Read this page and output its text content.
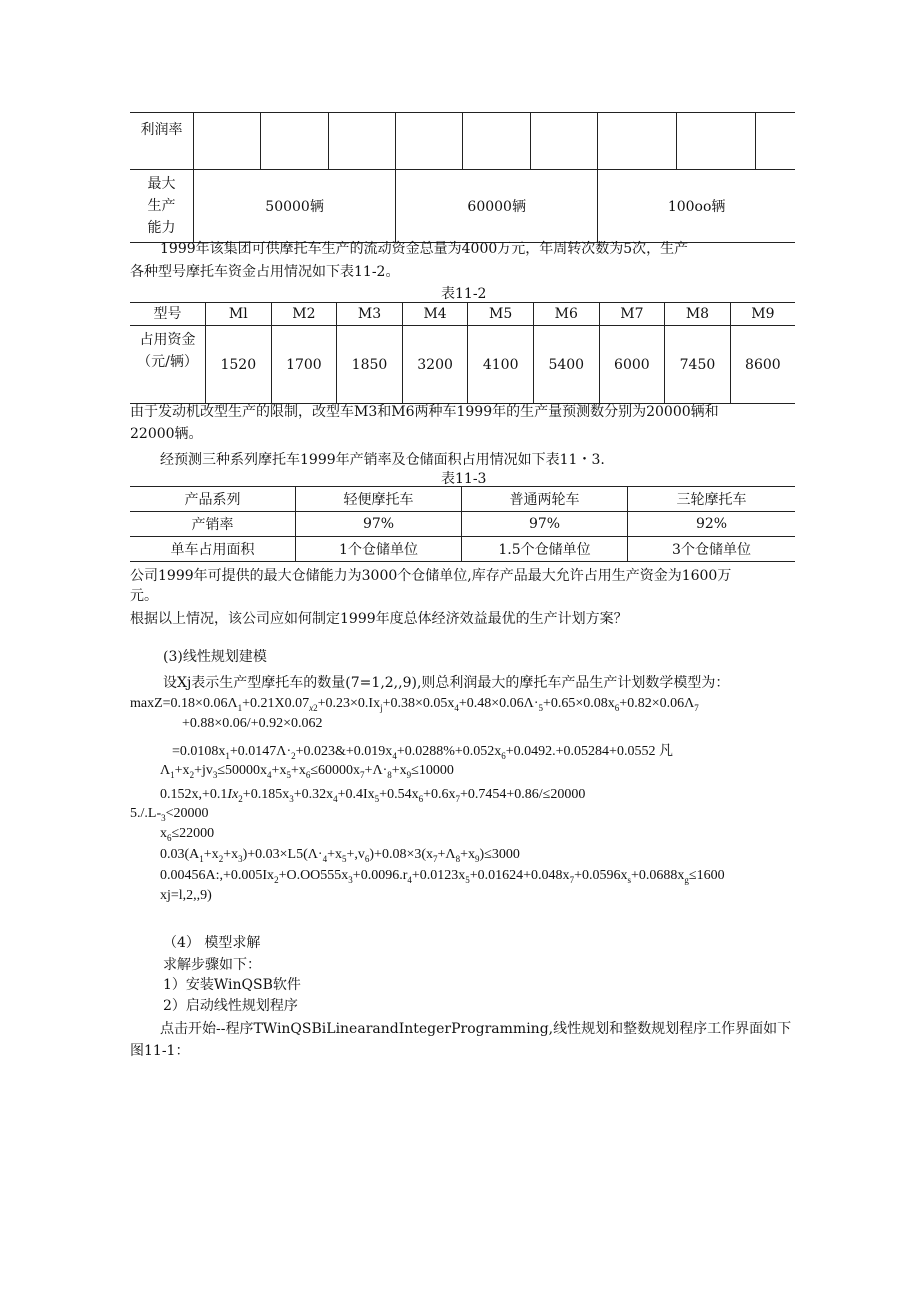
利润率									
最大
生产
能力	50000辆			60000辆			100oo辆		
1999年该集团可供摩托车生产的流动资金总量为4000万元，年周转次数为5次，生产
各种型号摩托车资金占用情况如下表11-2。
表11-2
型号	Ml	M2	M3	M4	M5	M6	M7	M8	M9
占用资金
（元/辆）	1520	1700	1850	3200	4100	5400	6000	7450	8600
由于发动机改型生产的限制，改型车M3和M6两种车1999年的生产量预测数分别为20000辆和
22000辆。
经预测三种系列摩托车1999年产销率及仓储面积占用情况如下表11・3.
表11-3
产品系列	轻便摩托车	普通两轮车	三轮摩托车
产销率	97%	97%	92%
单车占用面积	1个仓储单位	1.5个仓储单位	3个仓储单位
公司1999年可提供的最大仓储能力为3000个仓储单位,库存产品最大允许占用生产资金为1600万
元。
根据以上情况，该公司应如何制定1999年度总体经济效益最优的生产计划方案？
(3)线性规划建模
设Xj表示生产型摩托车的数量(7=1,2,,9),则总利润最大的摩托车产品生产计划数学模型为：
$\max Z=0.18\times 0.06\Lambda_1+0.21X0.07_{x2}+0.23\times 0.Ix_j+0.38\times 0.05x_4+0.48\times 0.06\Lambda\cdot_5+0.65\times 0.08x_6+0.82\times 0.06\Lambda_7$
+0.88×0.06/+0.92×0.062
$=0.0108x_1+0.0147\Lambda\cdot_2+0.023\&+0.019x_4+0.0288\%+0.052x_6+0.0492.+0.05284+0.0552$ 凡
$\Lambda_1+x_2+jv_3\le 50000x_4+x_5+x_6\le 60000x_7+\Lambda\cdot_8+x_9\le 10000$
$0.152x,+0.1Ix_2+0.185x_3+0.32x_4+0.4Ix_5+0.54x_6+0.6x_7+0.7454+0.86/\le 20000$
$5./.L-_3<20000$
$x_6\le 22000$
$0.03(A_1+x_2+x_3)+0.03\times L5(\Lambda\cdot_4+x_5+,v_6)+0.08\times 3(x_7+\Lambda_8+x_9)\le 3000$
$0.00456A:,+0.005Ix_2+O.OO555x_3+0.0096.r_4+0.0123x_5+0.01624+0.048x_7+0.0596x_s+0.0688x_g\le 1600$
xj=l,2,,9)
（4） 模型求解
求解步骤如下：
1）安装WinQSB软件
2）启动线性规划程序
点击开始--程序TWinQSBiLinearandIntegerProgramming,线性规划和整数规划程序工作界面如下
图11-1：
